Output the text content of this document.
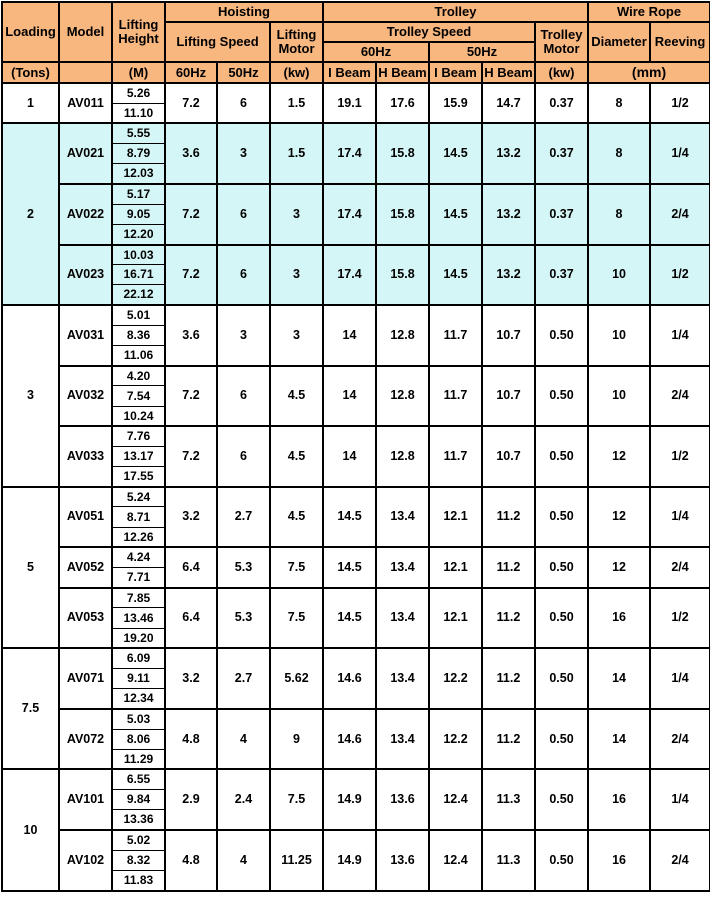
Loading	Model	Lifting Height	Hoisting			Trolley					Wire Rope	
			Lifting Speed		Lifting Motor	Trolley Speed				Trolley Motor	Diameter	Reeving
						60Hz		50Hz				
(Tons)		(M)	60Hz	50Hz	(kw)	I Beam	H Beam	I Beam	H Beam	(kw)	(mm)	
1	AV011	5.26	7.2	6	1.5	19.1	17.6	15.9	14.7	0.37	8	1/2
		11.10										
2	AV021	5.55	3.6	3	1.5	17.4	15.8	14.5	13.2	0.37	8	1/4
		8.79										
		12.03										
	AV022	5.17	7.2	6	3	17.4	15.8	14.5	13.2	0.37	8	2/4
		9.05										
		12.20										
	AV023	10.03	7.2	6	3	17.4	15.8	14.5	13.2	0.37	10	1/2
		16.71										
		22.12										
3	AV031	5.01	3.6	3	3	14	12.8	11.7	10.7	0.50	10	1/4
		8.36										
		11.06										
	AV032	4.20	7.2	6	4.5	14	12.8	11.7	10.7	0.50	10	2/4
		7.54										
		10.24										
	AV033	7.76	7.2	6	4.5	14	12.8	11.7	10.7	0.50	12	1/2
		13.17										
		17.55										
5	AV051	5.24	3.2	2.7	4.5	14.5	13.4	12.1	11.2	0.50	12	1/4
		8.71										
		12.26										
	AV052	4.24	6.4	5.3	7.5	14.5	13.4	12.1	11.2	0.50	12	2/4
		7.71										
	AV053	7.85	6.4	5.3	7.5	14.5	13.4	12.1	11.2	0.50	16	1/2
		13.46										
		19.20										
7.5	AV071	6.09	3.2	2.7	5.62	14.6	13.4	12.2	11.2	0.50	14	1/4
		9.11										
		12.34										
	AV072	5.03	4.8	4	9	14.6	13.4	12.2	11.2	0.50	14	2/4
		8.06										
		11.29										
10	AV101	6.55	2.9	2.4	7.5	14.9	13.6	12.4	11.3	0.50	16	1/4
		9.84										
		13.36										
	AV102	5.02	4.8	4	11.25	14.9	13.6	12.4	11.3	0.50	16	2/4
		8.32										
		11.83										
